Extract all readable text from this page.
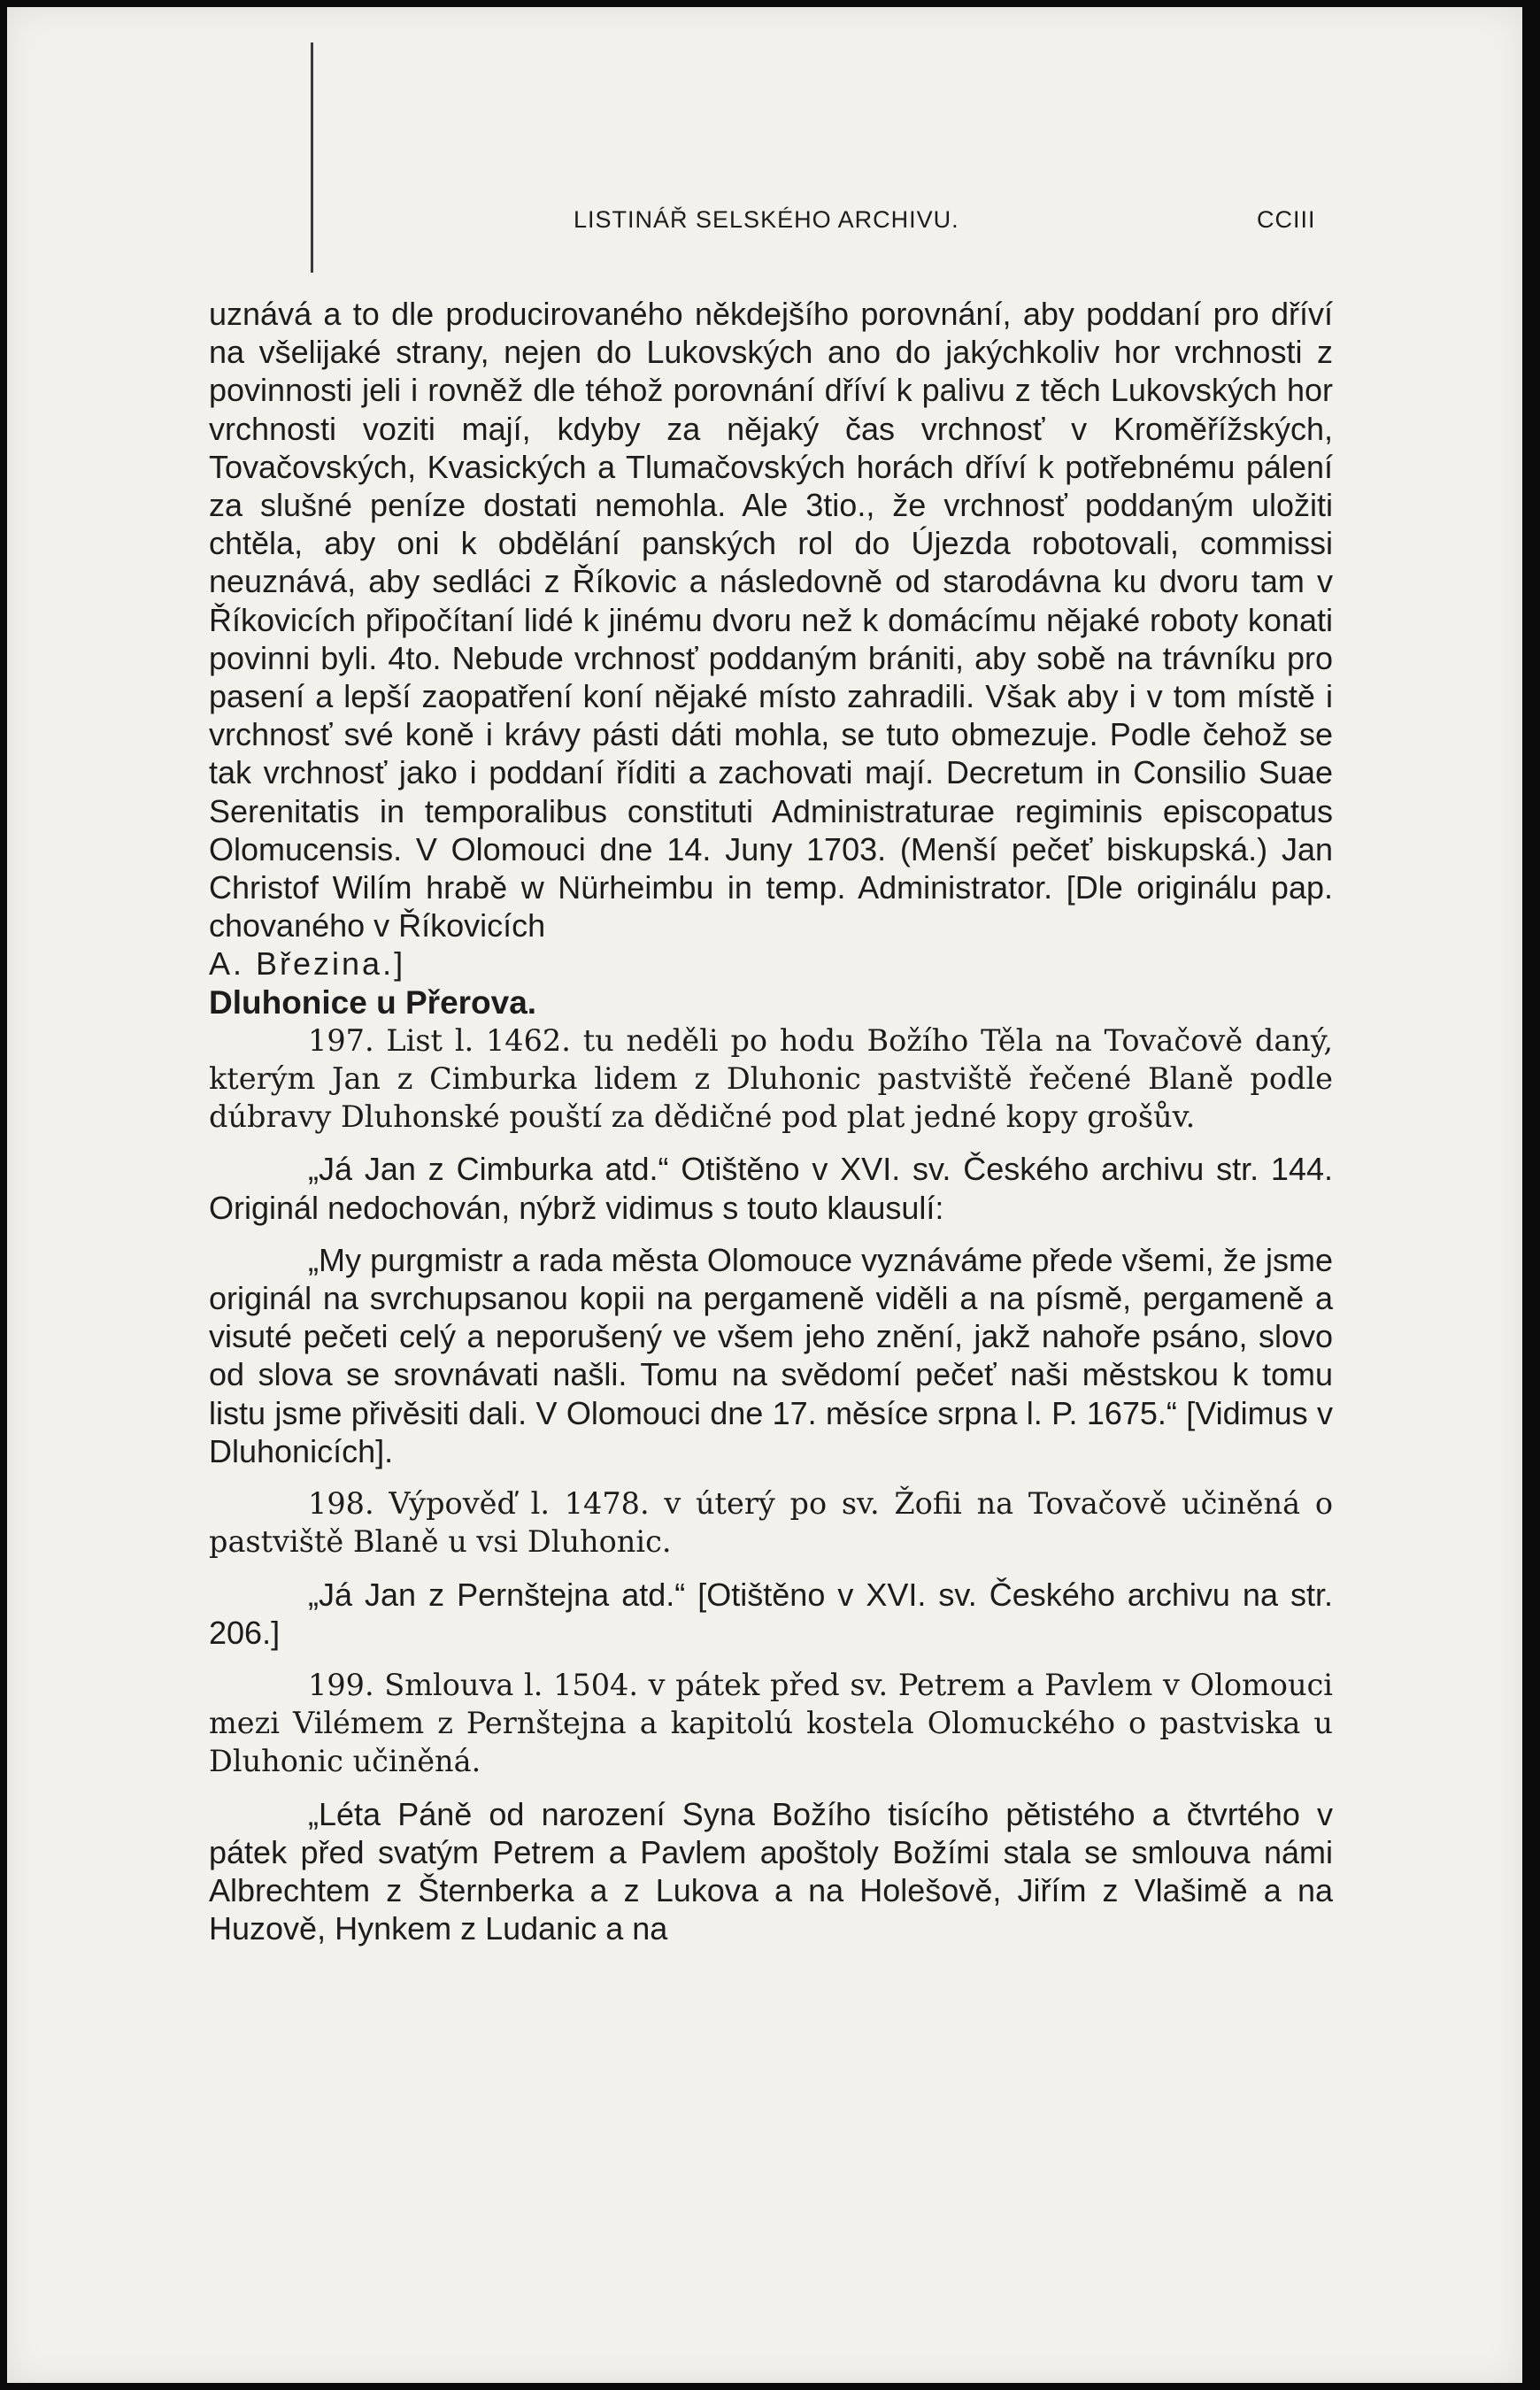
LISTINÁŘ SELSKÉHO ARCHIVU.	CCIII

uznává a to dle producirovaného někdejšího porovnání, aby poddaní pro dříví na všelijaké strany, nejen do Lukovských ano do jakýchkoliv hor vrchnosti z povinnosti jeli i rovněž dle téhož porovnání dříví k palivu z těch Lukovských hor vrchnosti voziti mají, kdyby za nějaký čas vrchnosť v Kroměřížských, Tovačovských, Kvasických a Tlumačovských horách dříví k potřebnému pálení za slušné peníze dostati nemohla. Ale 3tio., že vrchnosť poddaným uložiti chtěla, aby oni k obdělání panských rol do Újezda robotovali, commissi neuznává, aby sedláci z Říkovic a následovně od starodávna ku dvoru tam v Říkovicích připočítaní lidé k jinému dvoru než k domácímu nějaké roboty konati povinni byli. 4to. Nebude vrchnosť poddaným brániti, aby sobě na trávníku pro pasení a lepší zaopatření koní nějaké místo zahradili. Však aby i v tom místě i vrchnosť své koně i krávy pásti dáti mohla, se tuto obmezuje. Podle čehož se tak vrchnosť jako i poddaní říditi a zachovati mají. Decretum in Consilio Suae Serenitatis in temporalibus constituti Administraturae regiminis episcopatus Olomucensis. V Olomouci dne 14. Juny 1703. (Menší pečeť biskupská.) Jan Christof Wilím hrabě w Nürheimbu in temp. Administrator. [Dle originálu pap. chovaného v Říkovicích

A. Březina.]

Dluhonice u Přerova.

197. List l. 1462. tu neděli po hodu Božího Těla na Tovačově daný, kterým Jan z Cimburka lidem z Dluhonic pastviště řečené Blaně podle dúbravy Dluhonské pouští za dědičné pod plat jedné kopy grošův.

„Já Jan z Cimburka atd.“ Otištěno v XVI. sv. Českého archivu str. 144. Originál nedochován, nýbrž vidimus s touto klausulí:

„My purgmistr a rada města Olomouce vyznáváme přede všemi, že jsme originál na svrchupsanou kopii na pergameně viděli a na písmě, pergameně a visuté pečeti celý a neporušený ve všem jeho znění, jakž nahoře psáno, slovo od slova se srovnávati našli. Tomu na svědomí pečeť naši městskou k tomu listu jsme přivěsiti dali. V Olomouci dne 17. měsíce srpna l. P. 1675.“ [Vidimus v Dluhonicích].

198. Výpověď l. 1478. v úterý po sv. Žofii na Tovačově učiněná o pastviště Blaně u vsi Dluhonic.

„Já Jan z Pernštejna atd.“ [Otištěno v XVI. sv. Českého archivu na str. 206.]

199. Smlouva l. 1504. v pátek před sv. Petrem a Pavlem v Olomouci mezi Vilémem z Pernštejna a kapitolú kostela Olomuckého o pastviska u Dluhonic učiněná.

„Léta Páně od narození Syna Božího tisícího pětistého a čtvrtého v pátek před svatým Petrem a Pavlem apoštoly Božími stala se smlouva námi Albrechtem z Šternberka a z Lukova a na Holešově, Jiřím z Vlašimě a na Huzově, Hynkem z Ludanic a na
